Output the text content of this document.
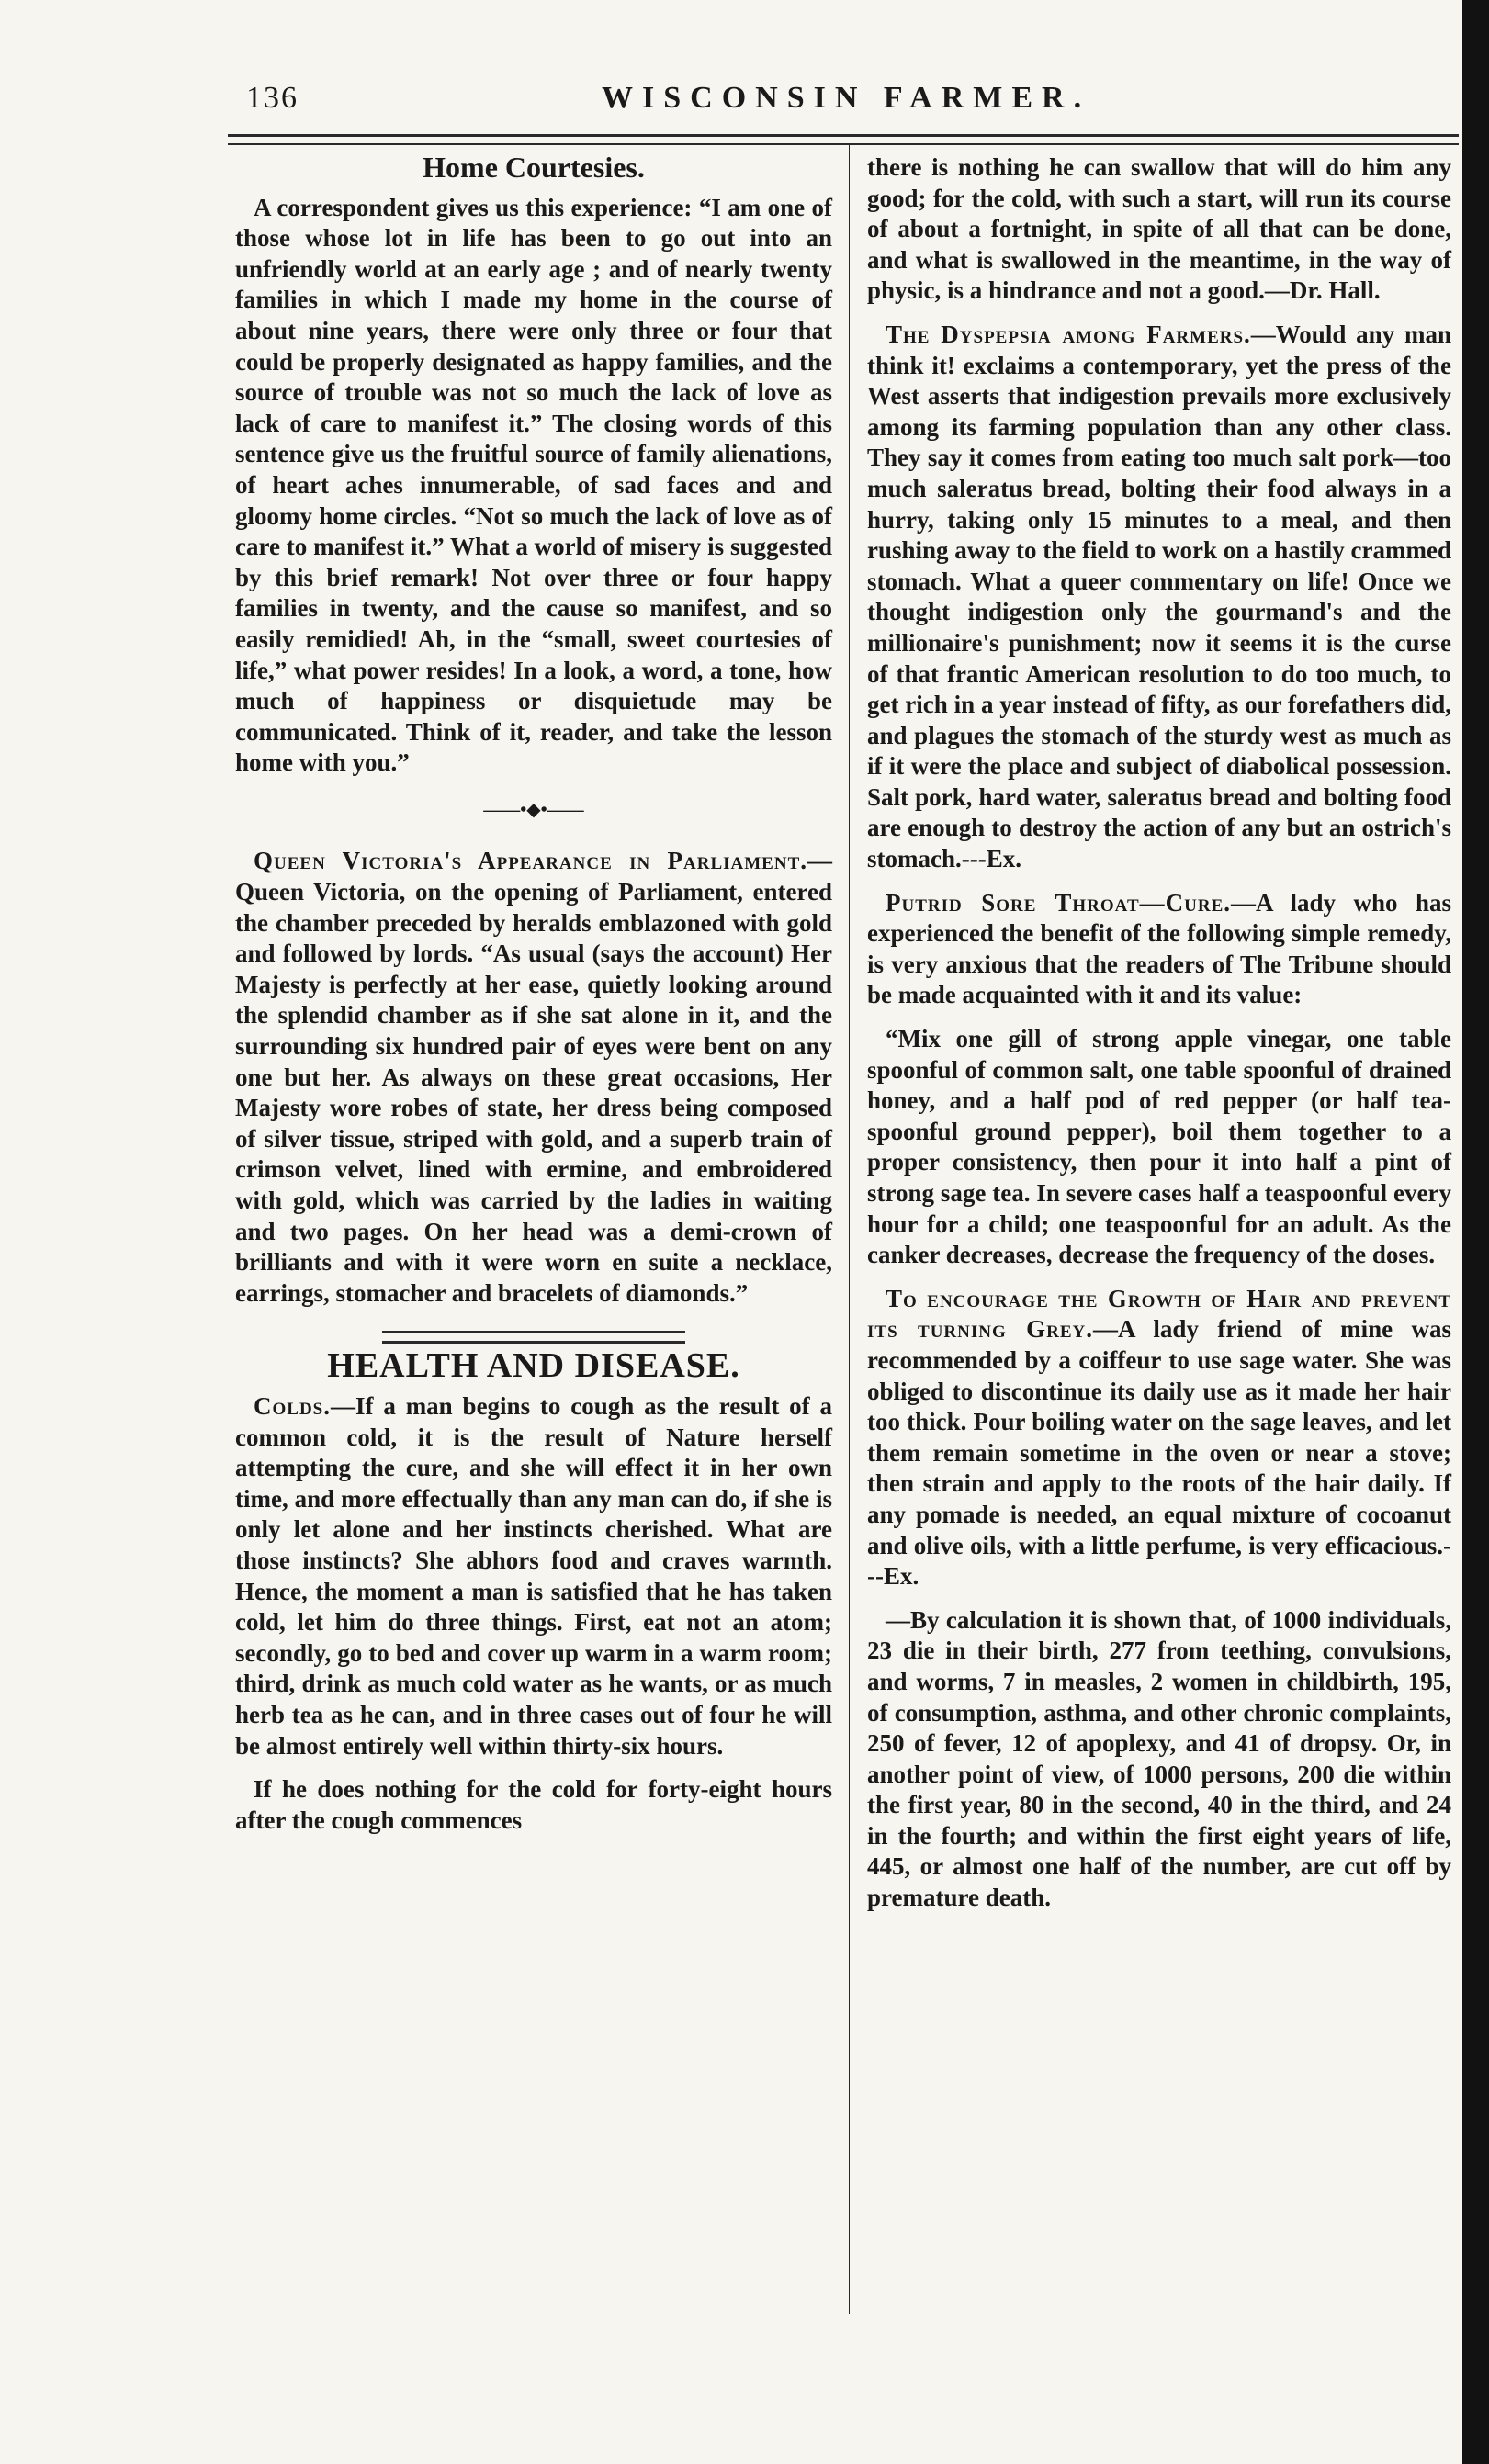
136	WISCONSIN FARMER.
Home Courtesies.

A correspondent gives us this experience: “I am one of those whose lot in life has been to go out into an unfriendly world at an early age ; and of nearly twenty families in which I made my home in the course of about nine years, there were only three or four that could be properly designated as happy families, and the source of trouble was not so much the lack of love as lack of care to manifest it.” The closing words of this sentence give us the fruitful source of family alienations, of heart aches innumerable, of sad faces and and gloomy home circles. “Not so much the lack of love as of care to manifest it.” What a world of misery is suggested by this brief remark! Not over three or four happy families in twenty, and the cause so manifest, and so easily remidied! Ah, in the “small, sweet courtesies of life,” what power resides! In a look, a word, a tone, how much of happiness or disquietude may be communicated. Think of it, reader, and take the lesson home with you.”

——•◆•——

Queen Victoria's Appearance in Parliament.—Queen Victoria, on the opening of Parliament, entered the chamber preceded by heralds emblazoned with gold and followed by lords. “As usual (says the account) Her Majesty is perfectly at her ease, quietly looking around the splendid chamber as if she sat alone in it, and the surrounding six hundred pair of eyes were bent on any one but her. As always on these great occasions, Her Majesty wore robes of state, her dress being composed of silver tissue, striped with gold, and a superb train of crimson velvet, lined with ermine, and embroidered with gold, which was carried by the ladies in waiting and two pages. On her head was a demi-crown of brilliants and with it were worn en suite a necklace, earrings, stomacher and bracelets of diamonds.”

HEALTH AND DISEASE.

Colds.—If a man begins to cough as the result of a common cold, it is the result of Nature herself attempting the cure, and she will effect it in her own time, and more effectually than any man can do, if she is only let alone and her instincts cherished. What are those instincts? She abhors food and craves warmth. Hence, the moment a man is satisfied that he has taken cold, let him do three things. First, eat not an atom; secondly, go to bed and cover up warm in a warm room; third, drink as much cold water as he wants, or as much herb tea as he can, and in three cases out of four he will be almost entirely well within thirty-six hours.

If he does nothing for the cold for forty-eight hours after the cough commences

there is nothing he can swallow that will do him any good; for the cold, with such a start, will run its course of about a fortnight, in spite of all that can be done, and what is swallowed in the meantime, in the way of physic, is a hindrance and not a good.—Dr. Hall.

The Dyspepsia among Farmers.—Would any man think it! exclaims a contemporary, yet the press of the West asserts that indigestion prevails more exclusively among its farming population than any other class. They say it comes from eating too much salt pork—too much saleratus bread, bolting their food always in a hurry, taking only 15 minutes to a meal, and then rushing away to the field to work on a hastily crammed stomach. What a queer commentary on life! Once we thought indigestion only the gourmand's and the millionaire's punishment; now it seems it is the curse of that frantic American resolution to do too much, to get rich in a year instead of fifty, as our forefathers did, and plagues the stomach of the sturdy west as much as if it were the place and subject of diabolical possession. Salt pork, hard water, saleratus bread and bolting food are enough to destroy the action of any but an ostrich's stomach.---Ex.

Putrid Sore Throat—Cure.—A lady who has experienced the benefit of the following simple remedy, is very anxious that the readers of The Tribune should be made acquainted with it and its value:

“Mix one gill of strong apple vinegar, one table spoonful of common salt, one table spoonful of drained honey, and a half pod of red pepper (or half tea-spoonful ground pepper), boil them together to a proper consistency, then pour it into half a pint of strong sage tea. In severe cases half a teaspoonful every hour for a child; one teaspoonful for an adult. As the canker decreases, decrease the frequency of the doses.

To encourage the Growth of Hair and prevent its turning Grey.—A lady friend of mine was recommended by a coiffeur to use sage water. She was obliged to discontinue its daily use as it made her hair too thick. Pour boiling water on the sage leaves, and let them remain sometime in the oven or near a stove; then strain and apply to the roots of the hair daily. If any pomade is needed, an equal mixture of cocoanut and olive oils, with a little perfume, is very efficacious.---Ex.

—By calculation it is shown that, of 1000 individuals, 23 die in their birth, 277 from teething, convulsions, and worms, 7 in measles, 2 women in childbirth, 195, of consumption, asthma, and other chronic complaints, 250 of fever, 12 of apoplexy, and 41 of dropsy. Or, in another point of view, of 1000 persons, 200 die within the first year, 80 in the second, 40 in the third, and 24 in the fourth; and within the first eight years of life, 445, or almost one half of the number, are cut off by premature death.
